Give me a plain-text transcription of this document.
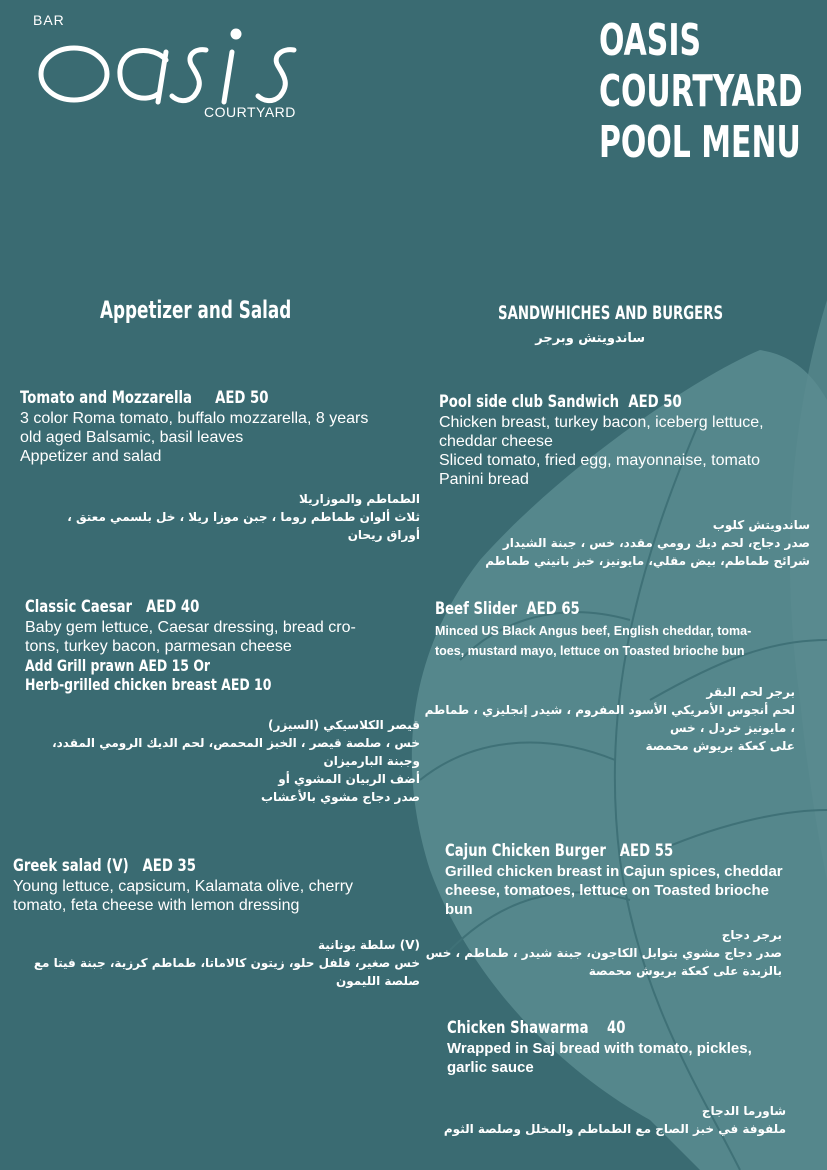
BAR
COURTYARD
OASIS
COURTYARD
POOL MENU
Appetizer and Salad
Tomato and Mozzarella AED 50
3 color Roma tomato, buffalo mozzarella, 8 years
old aged Balsamic, basil leaves
Appetizer and salad
الطماطم والموزاريلا
ثلاث ألوان طماطم روما ، جبن موزا ريلا ، خل بلسمي معتق ،
أوراق ريحان
Classic Caesar AED 40
Baby gem lettuce, Caesar dressing, bread cro-
tons, turkey bacon, parmesan cheese
Add Grill prawn AED 15 Or
Herb-grilled chicken breast AED 10
قيصر الكلاسيكي (السيزر)
خس ، صلصة قيصر ، الخبز المحمص، لحم الديك الرومي المقدد،
وجبنة البارميزان
أضف الربيان المشوي أو
صدر دجاج مشوي بالأعشاب
Greek salad (V) AED 35
Young lettuce, capsicum, Kalamata olive, cherry
tomato, feta cheese with lemon dressing
(V) سلطة يونانية
خس صغير، فلفل حلو، زيتون كالاماتا، طماطم كرزية، جبنة فيتا مع
صلصة الليمون
SANDWHICHES AND BURGERS
ساندويتش وبرجر
Pool side club Sandwich AED 50
Chicken breast, turkey bacon, iceberg lettuce,
cheddar cheese
Sliced tomato, fried egg, mayonnaise, tomato
Panini bread
ساندويتش كلوب
صدر دجاج، لحم ديك رومي مقدد، خس ، جبنة الشيدار
شرائح طماطم، بيض مقلي، مايونيز، خبز بانيني طماطم
Beef Slider AED 65
Minced US Black Angus beef, English cheddar, toma-
toes, mustard mayo, lettuce on Toasted brioche bun
برجر لحم البقر
لحم أنجوس الأمريكي الأسود المفروم ، شيدر إنجليزي ، طماطم
، مايونيز خردل ، خس
على كعكة بريوش محمصة
Cajun Chicken Burger AED 55
Grilled chicken breast in Cajun spices, cheddar
cheese, tomatoes, lettuce on Toasted brioche
bun
برجر دجاج
صدر دجاج مشوي بتوابل الكاجون، جبنة شيدر ، طماطم ، خس
بالزبدة على كعكة بريوش محمصة
Chicken Shawarma 40
Wrapped in Saj bread with tomato, pickles,
garlic sauce
شاورما الدجاج
ملفوفة في خبز الصاج مع الطماطم والمخلل وصلصة الثوم
